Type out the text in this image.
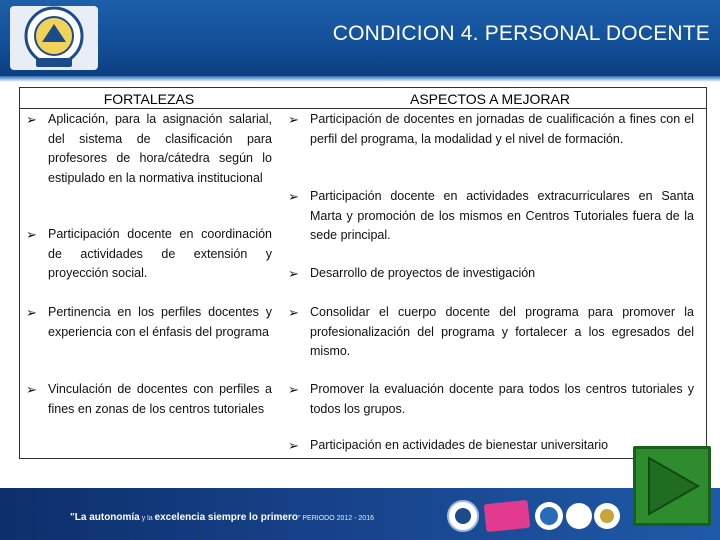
CONDICION 4. PERSONAL DOCENTE
FORTALEZAS	ASPECTOS A MEJORAR
➢ Aplicación, para la asignación salarial, del sistema de clasificación para profesores de hora/cátedra según lo estipulado en la normativa institucional
➢ Participación docente en coordinación de actividades de extensión y proyección social.
➢ Pertinencia en los perfiles docentes y experiencia con el énfasis del programa
➢ Vinculación de docentes con perfiles a fines en zonas de los centros tutoriales
➢ Participación de docentes en jornadas de cualificación a fines con el perfil del programa, la modalidad y el nivel de formación.
➢ Participación docente en actividades extracurriculares en Santa Marta y promoción de los mismos en Centros Tutoriales fuera de la sede principal.
➢ Desarrollo de proyectos de investigación
➢ Consolidar el cuerpo docente del programa para promover la profesionalización del programa y fortalecer a los egresados del mismo.
➢ Promover la evaluación docente para todos los centros tutoriales y todos los grupos.
➢ Participación en actividades de bienestar universitario
"La autonomía y la excelencia siempre lo primero" PERIODO 2012 - 2016
